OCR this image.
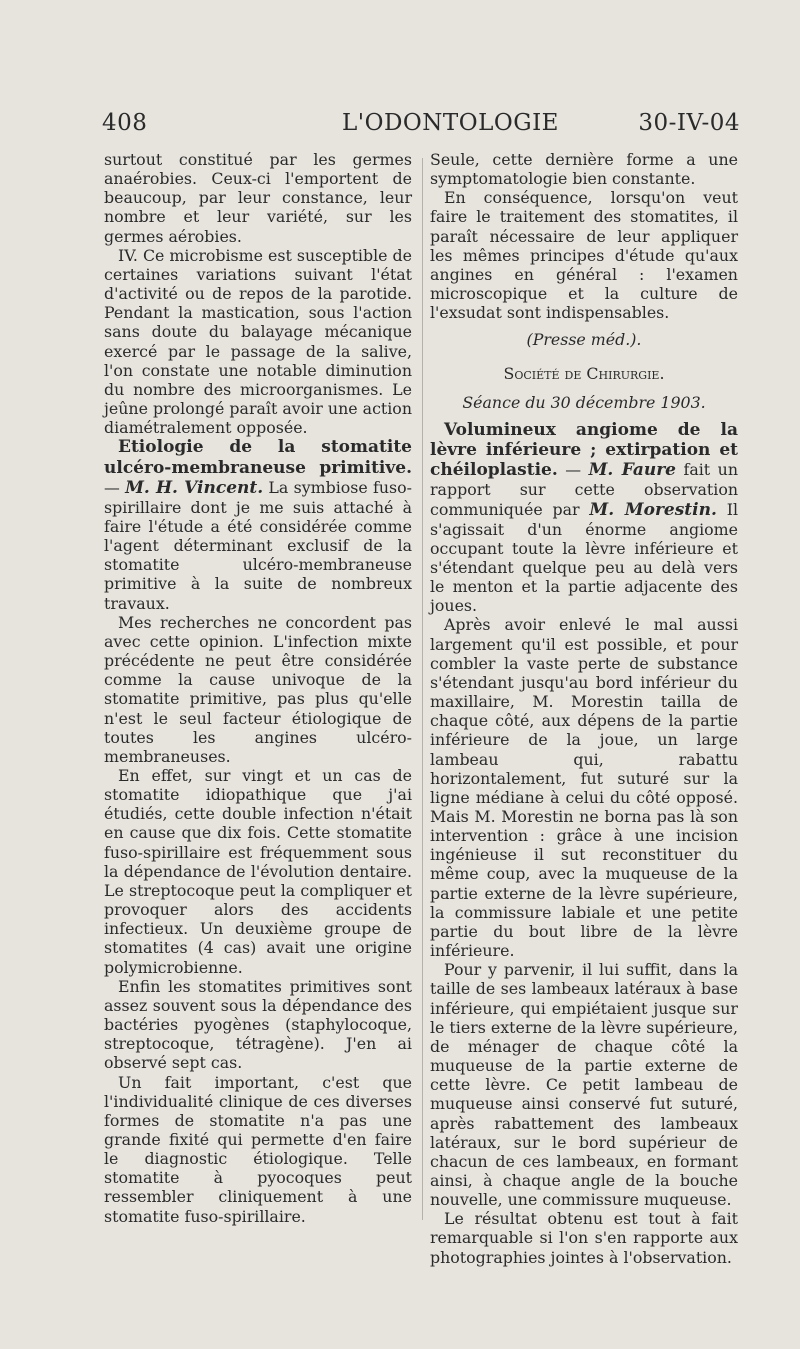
408	L'ODONTOLOGIE	30-IV-04

surtout constitué par les germes anaérobies. Ceux-ci l'emportent de beaucoup, par leur constance, leur nombre et leur variété, sur les germes aérobies.

IV. Ce microbisme est susceptible de certaines variations suivant l'état d'activité ou de repos de la parotide. Pendant la mastication, sous l'action sans doute du balayage mécanique exercé par le passage de la salive, l'on constate une notable diminution du nombre des microorganismes. Le jeûne prolongé paraît avoir une action diamétralement opposée.

Etiologie de la stomatite ulcéro-membraneuse primitive. — M. H. Vincent. La symbiose fuso-spirillaire dont je me suis attaché à faire l'étude a été considérée comme l'agent déterminant exclusif de la stomatite ulcéro-membraneuse primitive à la suite de nombreux travaux.

Mes recherches ne concordent pas avec cette opinion. L'infection mixte précédente ne peut être considérée comme la cause univoque de la stomatite primitive, pas plus qu'elle n'est le seul facteur étiologique de toutes les angines ulcéro-membraneuses.

En effet, sur vingt et un cas de stomatite idiopathique que j'ai étudiés, cette double infection n'était en cause que dix fois. Cette stomatite fuso-spirillaire est fréquemment sous la dépendance de l'évolution dentaire. Le streptocoque peut la compliquer et provoquer alors des accidents infectieux. Un deuxième groupe de stomatites (4 cas) avait une origine polymicrobienne.

Enfin les stomatites primitives sont assez souvent sous la dépendance des bactéries pyogènes (staphylocoque, streptocoque, tétragène). J'en ai observé sept cas.

Un fait important, c'est que l'individualité clinique de ces diverses formes de stomatite n'a pas une grande fixité qui permette d'en faire le diagnostic étiologique. Telle stomatite à pyocoques peut ressembler cliniquement à une stomatite fuso-spirillaire.

Seule, cette dernière forme a une symptomatologie bien constante.

En conséquence, lorsqu'on veut faire le traitement des stomatites, il paraît nécessaire de leur appliquer les mêmes principes d'étude qu'aux angines en général : l'examen microscopique et la culture de l'exsudat sont indispensables.

(Presse méd.).

Société de Chirurgie.

Séance du 30 décembre 1903.

Volumineux angiome de la lèvre inférieure ; extirpation et chéiloplastie. — M. Faure fait un rapport sur cette observation communiquée par M. Morestin. Il s'agissait d'un énorme angiome occupant toute la lèvre inférieure et s'étendant quelque peu au delà vers le menton et la partie adjacente des joues.

Après avoir enlevé le mal aussi largement qu'il est possible, et pour combler la vaste perte de substance s'étendant jusqu'au bord inférieur du maxillaire, M. Morestin tailla de chaque côté, aux dépens de la partie inférieure de la joue, un large lambeau qui, rabattu horizontalement, fut suturé sur la ligne médiane à celui du côté opposé. Mais M. Morestin ne borna pas là son intervention : grâce à une incision ingénieuse il sut reconstituer du même coup, avec la muqueuse de la partie externe de la lèvre supérieure, la commissure labiale et une petite partie du bout libre de la lèvre inférieure.

Pour y parvenir, il lui suffit, dans la taille de ses lambeaux latéraux à base inférieure, qui empiétaient jusque sur le tiers externe de la lèvre supérieure, de ménager de chaque côté la muqueuse de la partie externe de cette lèvre. Ce petit lambeau de muqueuse ainsi conservé fut suturé, après rabattement des lambeaux latéraux, sur le bord supérieur de chacun de ces lambeaux, en formant ainsi, à chaque angle de la bouche nouvelle, une commissure muqueuse.

Le résultat obtenu est tout à fait remarquable si l'on s'en rapporte aux photographies jointes à l'observation.
